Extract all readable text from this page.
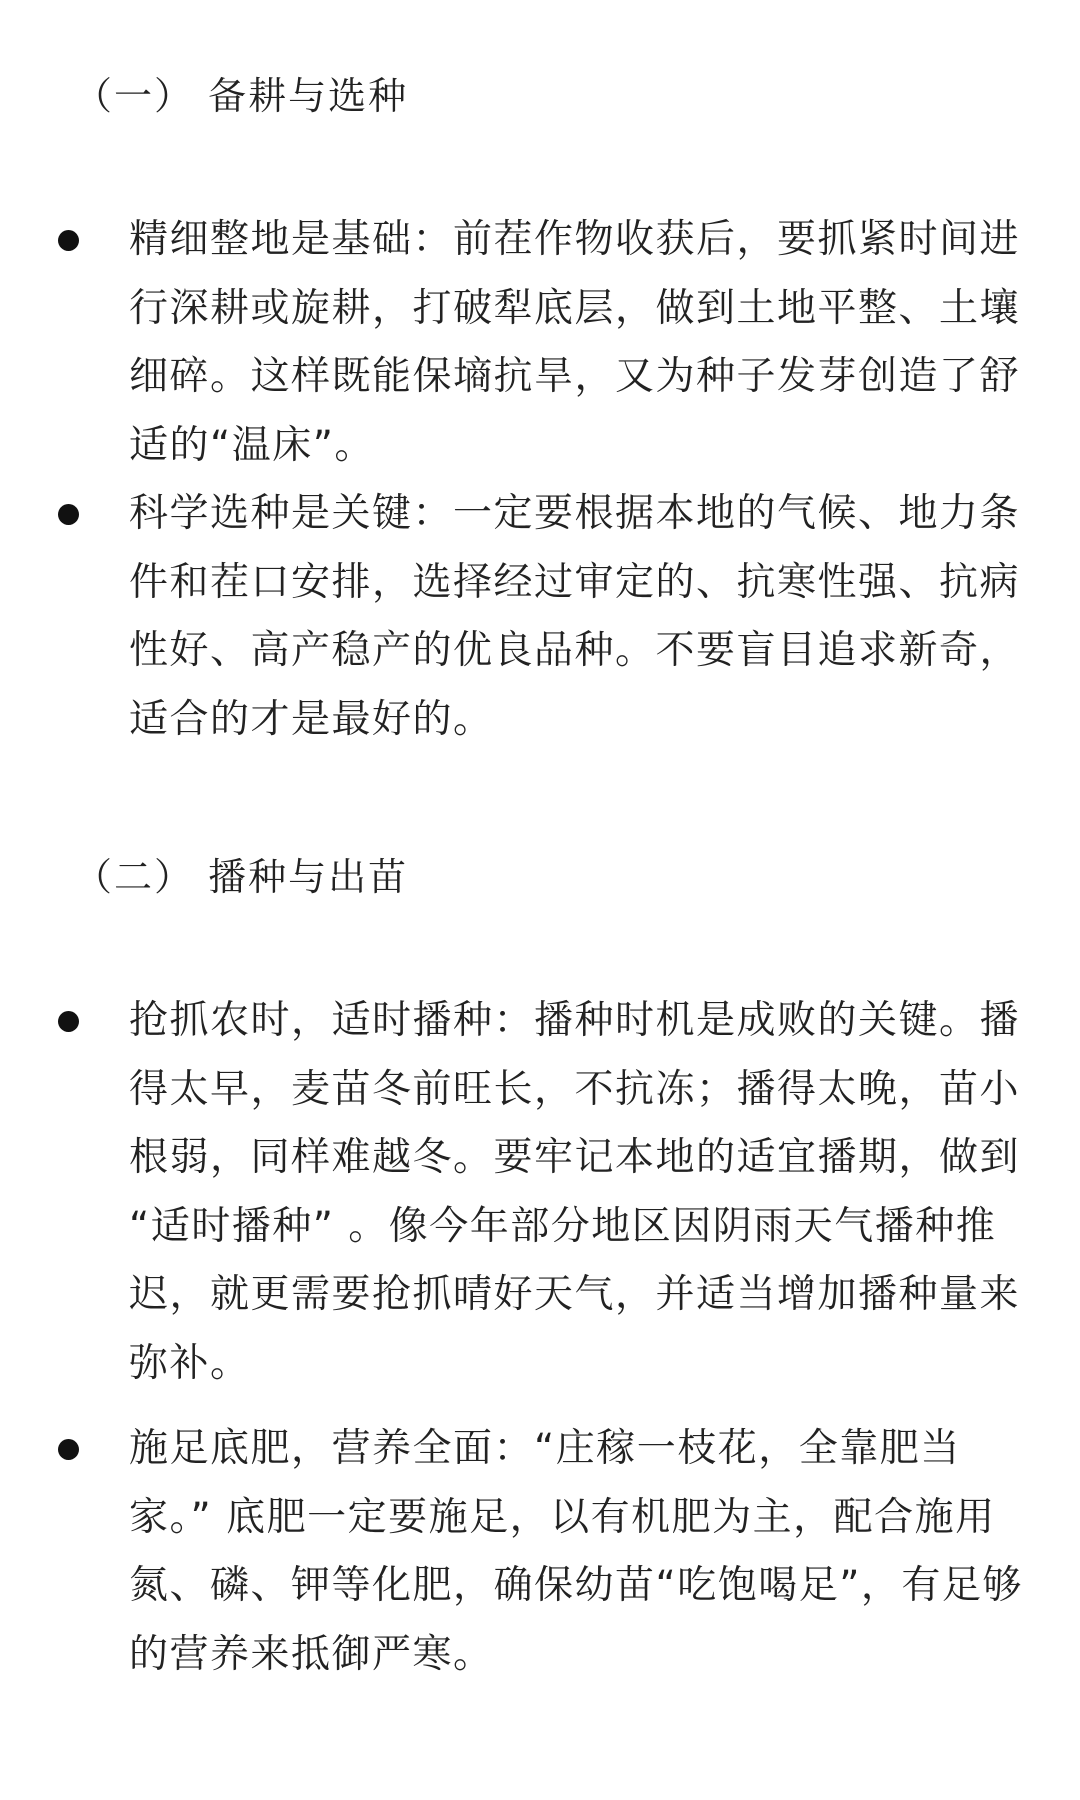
（一） 备耕与选种
精细整地是基础：前茬作物收获后，要抓紧时间进行深耕或旋耕，打破犁底层，做到土地平整、土壤细碎。这样既能保墒抗旱，又为种子发芽创造了舒适的“温床”。
科学选种是关键：一定要根据本地的气候、地力条件和茬口安排，选择经过审定的、抗寒性强、抗病性好、高产稳产的优良品种。不要盲目追求新奇，适合的才是最好的。
（二） 播种与出苗
抢抓农时，适时播种：播种时机是成败的关键。播得太早，麦苗冬前旺长，不抗冻；播得太晚，苗小根弱，同样难越冬。要牢记本地的适宜播期，做到 “适时播种” 。像今年部分地区因阴雨天气播种推迟，就更需要抢抓晴好天气，并适当增加播种量来弥补。
施足底肥，营养全面：“庄稼一枝花，全靠肥当家。” 底肥一定要施足，以有机肥为主，配合施用氮、磷、钾等化肥，确保幼苗“吃饱喝足”，有足够的营养来抵御严寒。
